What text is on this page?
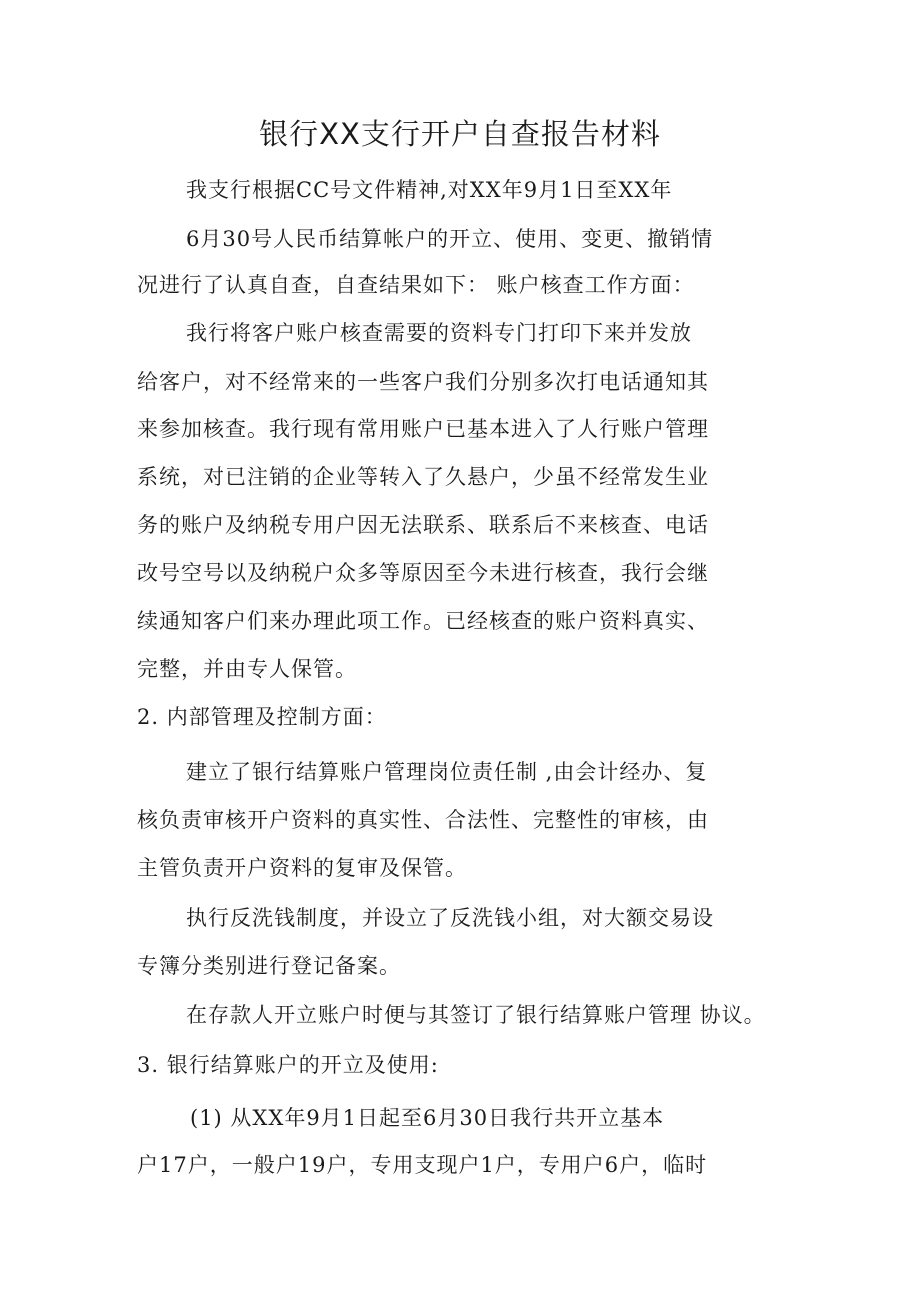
银行XX支行开户自查报告材料
我支行根据CC号文件精神,对XX年9月1日至XX年
6月30号人民币结算帐户的开立、使用、变更、撤销情
况进行了认真自查，自查结果如下： 账户核查工作方面：
我行将客户账户核查需要的资料专门打印下来并发放
给客户，对不经常来的一些客户我们分别多次打电话通知其
来参加核查。我行现有常用账户已基本进入了人行账户管理
系统，对已注销的企业等转入了久悬户，少虽不经常发生业
务的账户及纳税专用户因无法联系、联系后不来核查、电话
改号空号以及纳税户众多等原因至今未进行核查，我行会继
续通知客户们来办理此项工作。已经核查的账户资料真实、
完整，并由专人保管。
2. 内部管理及控制方面：
建立了银行结算账户管理岗位责任制 ,由会计经办、复
核负责审核开户资料的真实性、合法性、完整性的审核，由
主管负责开户资料的复审及保管。
执行反洗钱制度，并设立了反洗钱小组，对大额交易设
专簿分类别进行登记备案。
在存款人开立账户时便与其签订了银行结算账户管理 协议。
3. 银行结算账户的开立及使用:
(1) 从XX年9月1日起至6月30日我行共开立基本
户17户，一般户19户，专用支现户1户，专用户6户，临时
